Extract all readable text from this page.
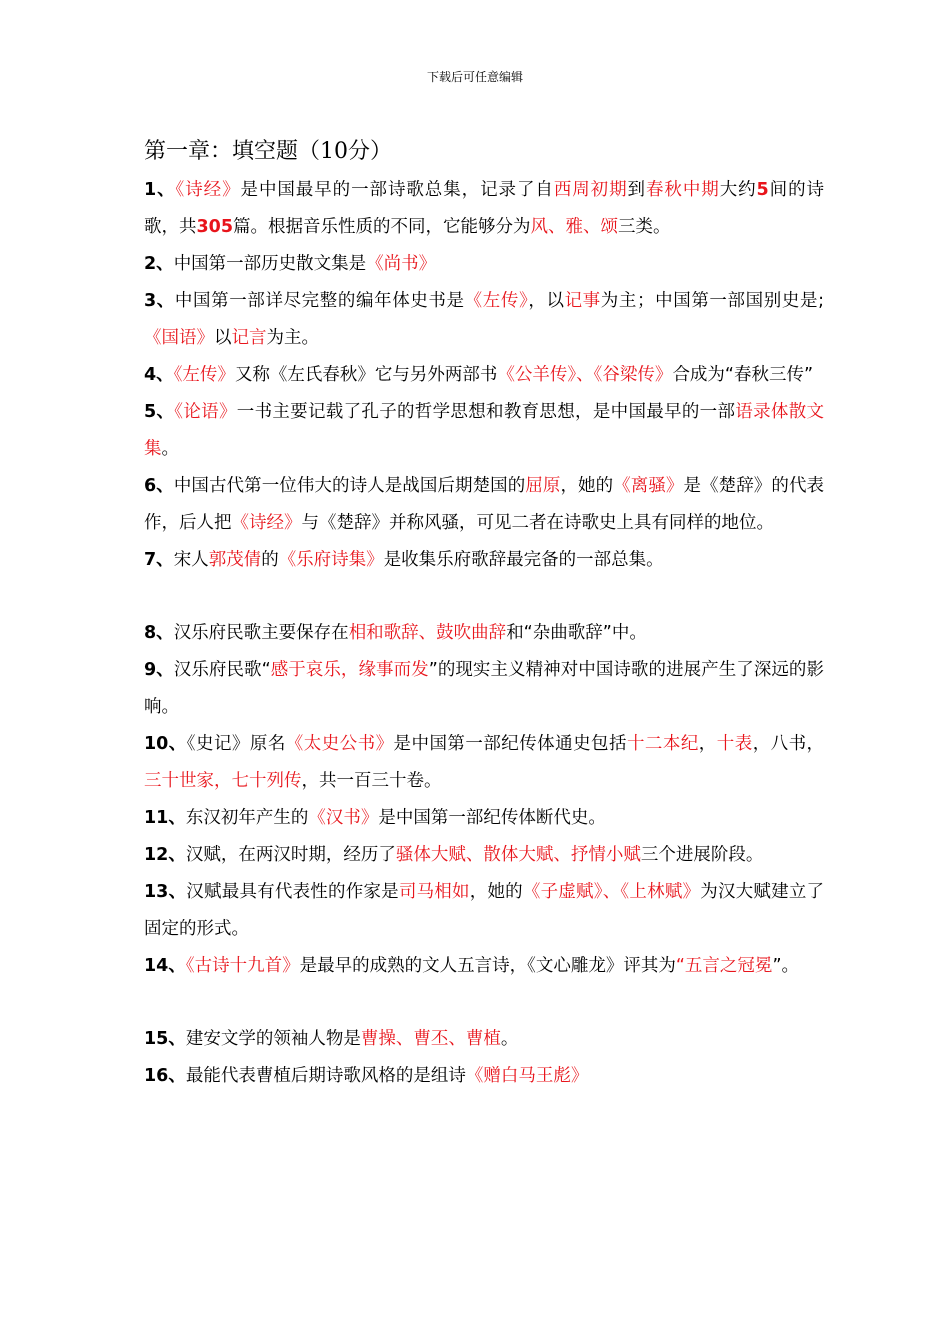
下载后可任意编辑
第一章：填空题（10分）

1、《诗经》是中国最早的一部诗歌总集，记录了自西周初期到春秋中期大约5间的诗歌，共305篇。根据音乐性质的不同，它能够分为风、雅、颂三类。

2、中国第一部历史散文集是《尚书》

3、中国第一部详尽完整的编年体史书是《左传》，以记事为主；中国第一部国别史是;《国语》以记言为主。

4、《左传》又称《左氏春秋》它与另外两部书《公羊传》、《谷梁传》合成为“春秋三传”

5、《论语》一书主要记载了孔子的哲学思想和教育思想，是中国最早的一部语录体散文集。

6、中国古代第一位伟大的诗人是战国后期楚国的屈原，她的《离骚》是《楚辞》的代表作，后人把《诗经》与《楚辞》并称风骚，可见二者在诗歌史上具有同样的地位。

7、宋人郭茂倩的《乐府诗集》是收集乐府歌辞最完备的一部总集。

8、汉乐府民歌主要保存在相和歌辞、鼓吹曲辞和“杂曲歌辞”中。

9、汉乐府民歌“感于哀乐，缘事而发”的现实主义精神对中国诗歌的进展产生了深远的影响。

10、《史记》原名《太史公书》是中国第一部纪传体通史包括十二本纪，十表，八书，三十世家，七十列传，共一百三十卷。

11、东汉初年产生的《汉书》是中国第一部纪传体断代史。

12、汉赋，在两汉时期，经历了骚体大赋、散体大赋、抒情小赋三个进展阶段。

13、汉赋最具有代表性的作家是司马相如，她的《子虚赋》、《上林赋》为汉大赋建立了固定的形式。

14、《古诗十九首》是最早的成熟的文人五言诗，《文心雕龙》评其为“五言之冠冕”。

15、建安文学的领袖人物是曹操、曹丕、曹植。

16、最能代表曹植后期诗歌风格的是组诗《赠白马王彪》
